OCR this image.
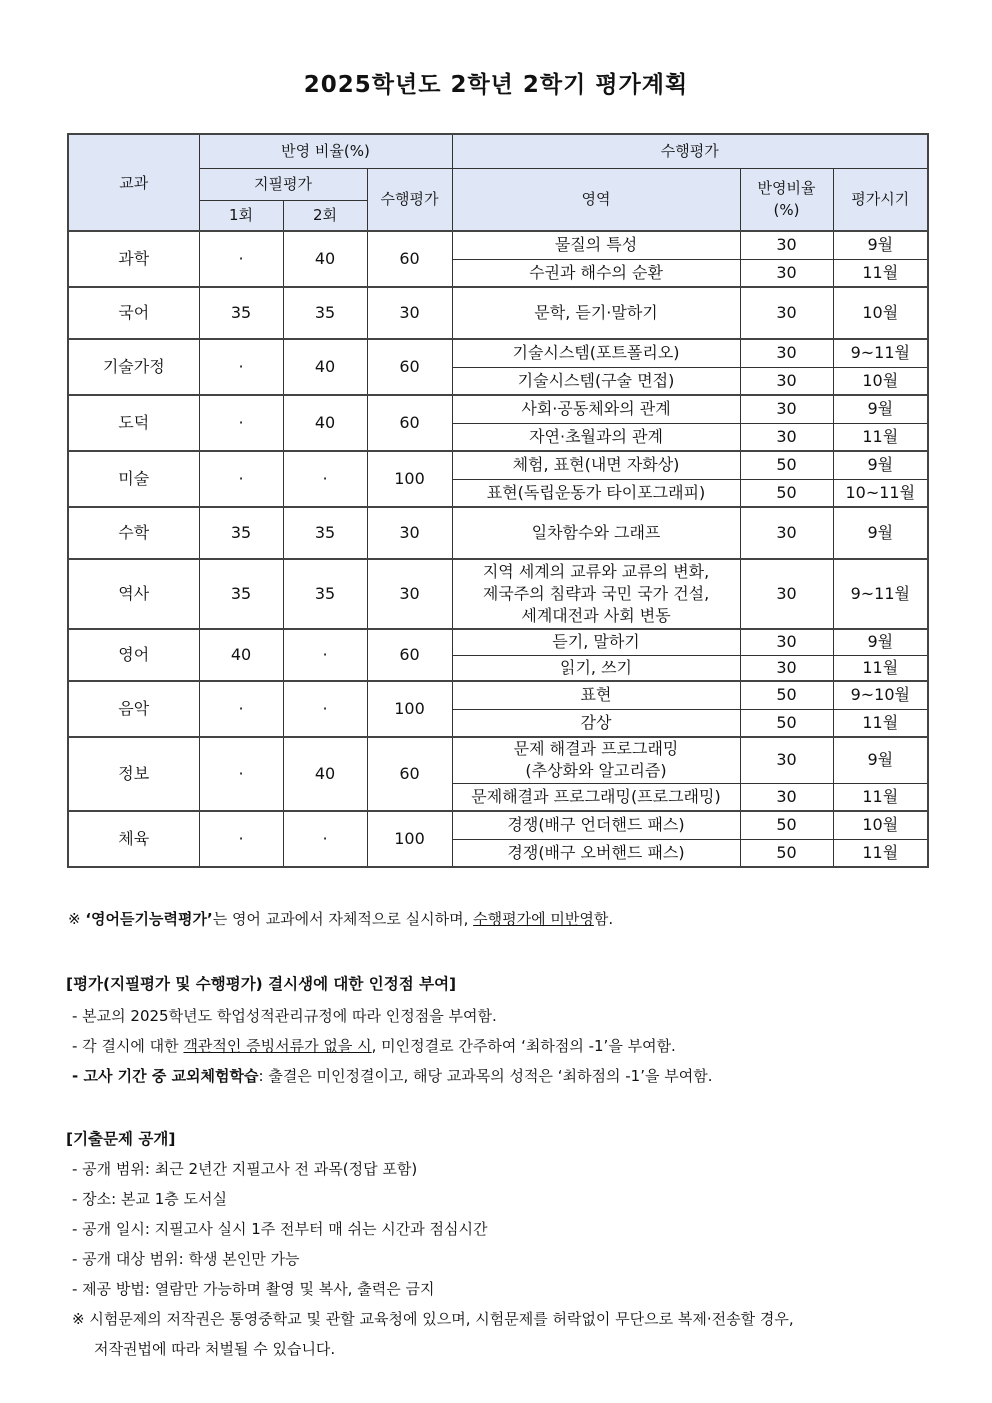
2025학년도 2학년 2학기 평가계획
교과	반영 비율(%)			수행평가		
	지필평가		수행평가	영역	반영비율
(%)	평가시기
	1회	2회				
과학	·	40	60	물질의 특성	30	9월
				수권과 해수의 순환	30	11월
국어	35	35	30	문학, 듣기·말하기	30	10월
기술가정	·	40	60	기술시스템(포트폴리오)	30	9~11월
				기술시스템(구술 면접)	30	10월
도덕	·	40	60	사회·공동체와의 관계	30	9월
				자연·초월과의 관계	30	11월
미술	·	·	100	체험, 표현(내면 자화상)	50	9월
				표현(독립운동가 타이포그래피)	50	10~11월
수학	35	35	30	일차함수와 그래프	30	9월
역사	35	35	30	지역 세계의 교류와 교류의 변화,
제국주의 침략과 국민 국가 건설,
세계대전과 사회 변동	30	9~11월
영어	40	·	60	듣기, 말하기	30	9월
				읽기, 쓰기	30	11월
음악	·	·	100	표현	50	9~10월
				감상	50	11월
정보	·	40	60	문제 해결과 프로그래밍
(추상화와 알고리즘)	30	9월
				문제해결과 프로그래밍(프로그래밍)	30	11월
체육	·	·	100	경쟁(배구 언더핸드 패스)	50	10월
				경쟁(배구 오버핸드 패스)	50	11월
※ ‘영어듣기능력평가’는 영어 교과에서 자체적으로 실시하며, 수행평가에 미반영함.
[평가(지필평가 및 수행평가) 결시생에 대한 인정점 부여]
- 본교의 2025학년도 학업성적관리규정에 따라 인정점을 부여함.
- 각 결시에 대한 객관적인 증빙서류가 없을 시, 미인정결로 간주하여 ‘최하점의 -1’을 부여함.
- 고사 기간 중 교외체험학습: 출결은 미인정결이고, 해당 교과목의 성적은 ‘최하점의 -1’을 부여함.
[기출문제 공개]
- 공개 범위: 최근 2년간 지필고사 전 과목(정답 포함)
- 장소: 본교 1층 도서실
- 공개 일시: 지필고사 실시 1주 전부터 매 쉬는 시간과 점심시간
- 공개 대상 범위: 학생 본인만 가능
- 제공 방법: 열람만 가능하며 촬영 및 복사, 출력은 금지
※ 시험문제의 저작권은 통영중학교 및 관할 교육청에 있으며, 시험문제를 허락없이 무단으로 복제·전송할 경우,
저작권법에 따라 처벌될 수 있습니다.
